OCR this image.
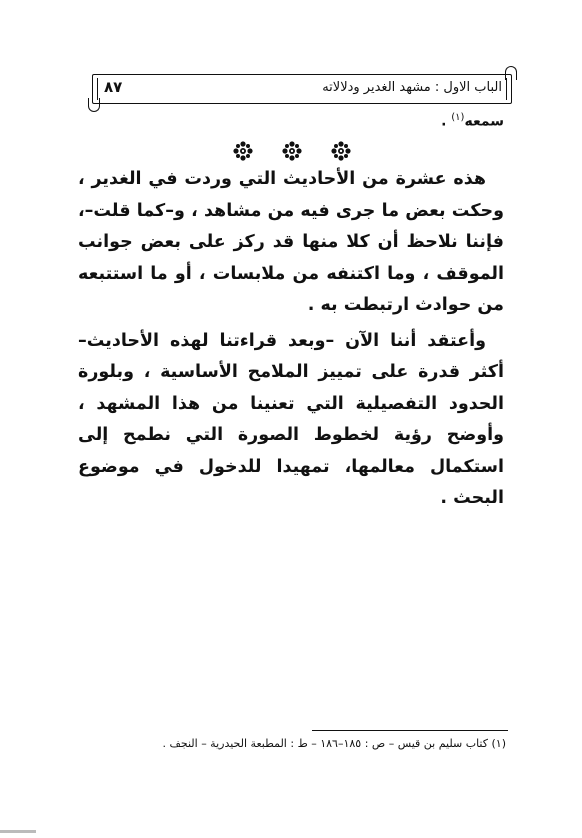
٨٧	الباب الاول : مشهد الغدير ودلالاته
سمعه$^{(١)}$ .

هذه عشرة من الأحاديث التي وردت في الغدير ، وحكت بعض ما جرى فيه من مشاهد ، و–كما قلت–، فإننا نلاحظ أن كلا منها قد ركز على بعض جوانب الموقف ، وما اكتنفه من ملابسات ، أو ما استتبعه من حوادث ارتبطت به .

وأعتقد أننا الآن –وبعد قراءتنا لهذه الأحاديث– أكثر قدرة على تمييز الملامح الأساسية ، وبلورة الحدود التفصيلية التي تعنينا من هذا المشهد ، وأوضح رؤية لخطوط الصورة التي نطمح إلى استكمال معالمها، تمهيدا للدخول في موضوع البحث .

(١) كتاب سليم بن قيس – ص : ١٨٥–١٨٦ – ط : المطبعة الحيدرية – النجف .
